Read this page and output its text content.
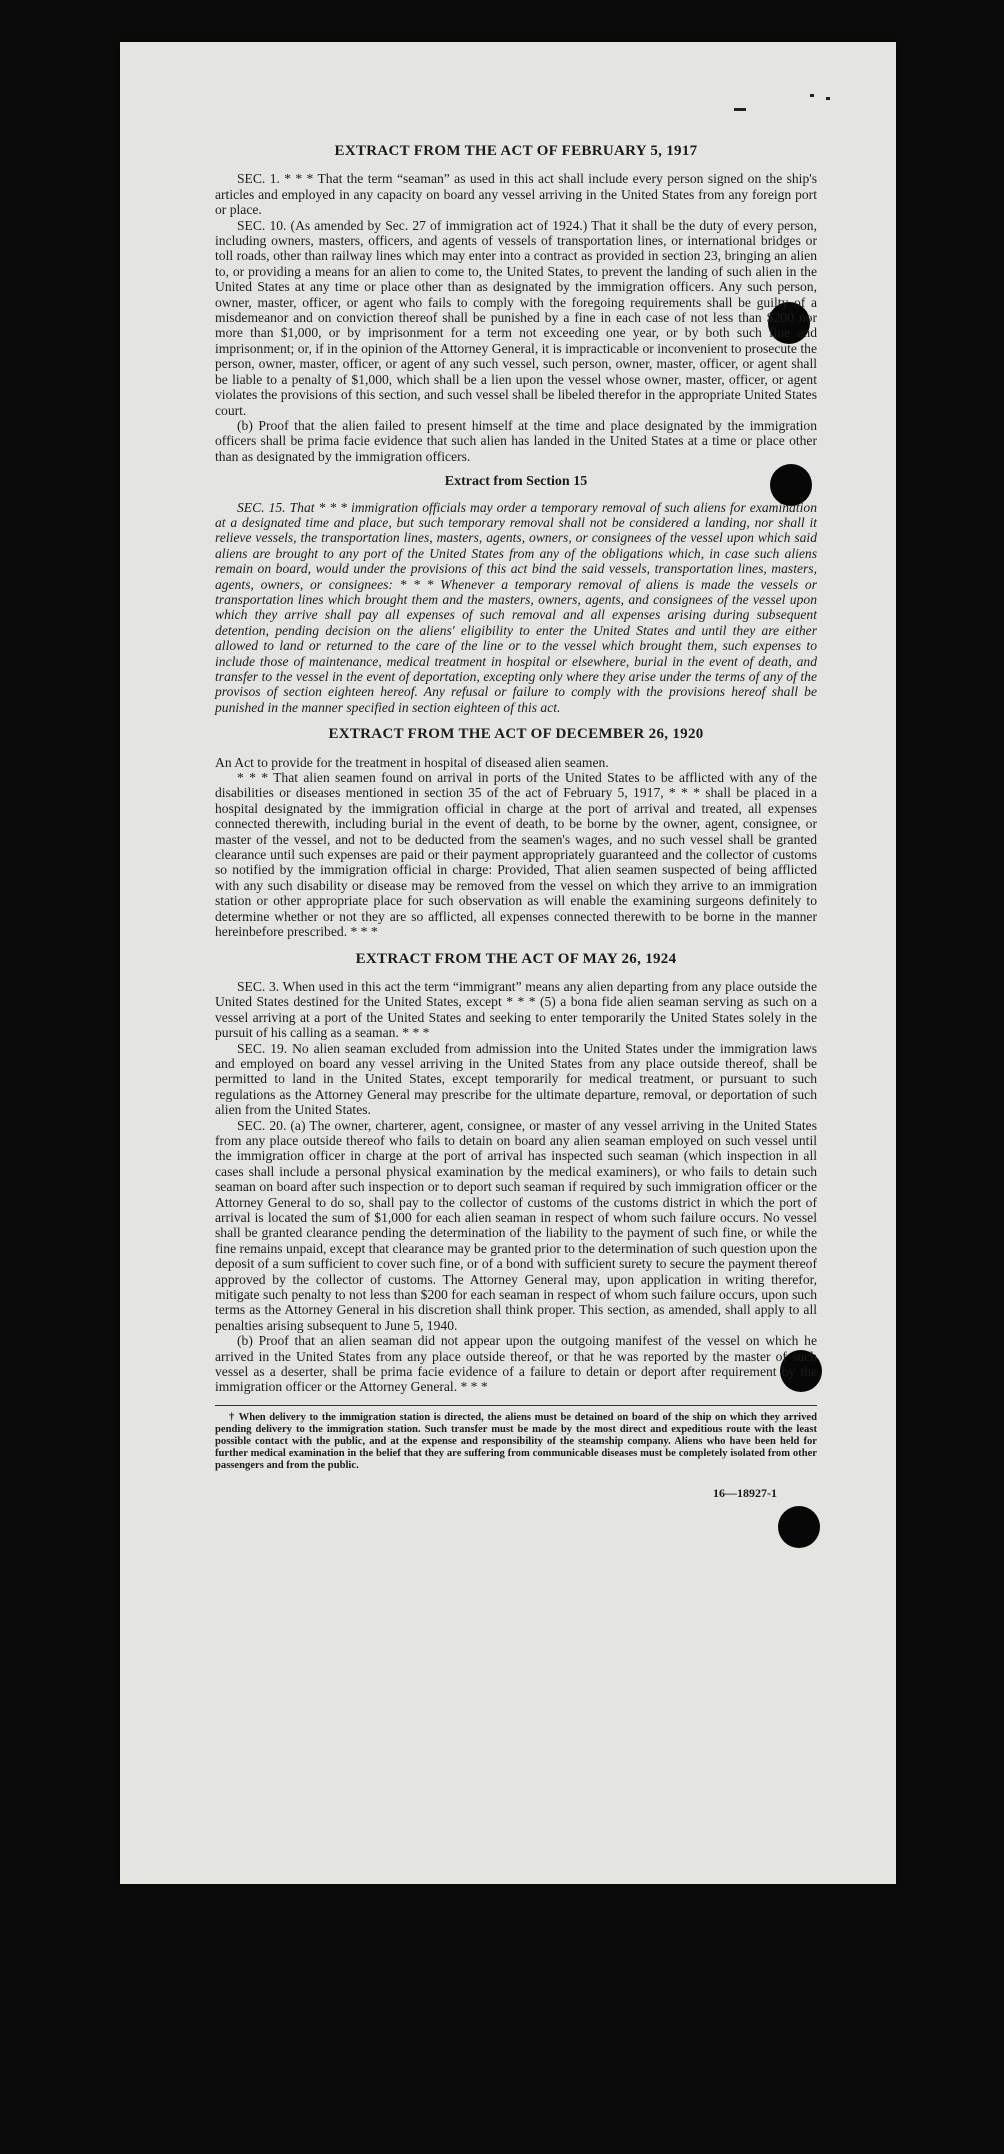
EXTRACT FROM THE ACT OF FEBRUARY 5, 1917

SEC. 1. * * * That the term “seaman” as used in this act shall include every person signed on the ship's articles and employed in any capacity on board any vessel arriving in the United States from any foreign port or place.

SEC. 10. (As amended by Sec. 27 of immigration act of 1924.) That it shall be the duty of every person, including owners, masters, officers, and agents of vessels of transportation lines, or international bridges or toll roads, other than railway lines which may enter into a contract as provided in section 23, bringing an alien to, or providing a means for an alien to come to, the United States, to prevent the landing of such alien in the United States at any time or place other than as designated by the immigration officers. Any such person, owner, master, officer, or agent who fails to comply with the foregoing requirements shall be guilty of a misdemeanor and on conviction thereof shall be punished by a fine in each case of not less than $200 nor more than $1,000, or by imprisonment for a term not exceeding one year, or by both such fine and imprisonment; or, if in the opinion of the Attorney General, it is impracticable or inconvenient to prosecute the person, owner, master, officer, or agent of any such vessel, such person, owner, master, officer, or agent shall be liable to a penalty of $1,000, which shall be a lien upon the vessel whose owner, master, officer, or agent violates the provisions of this section, and such vessel shall be libeled therefor in the appropriate United States court.

(b) Proof that the alien failed to present himself at the time and place designated by the immigration officers shall be prima facie evidence that such alien has landed in the United States at a time or place other than as designated by the immigration officers.

Extract from Section 15

SEC. 15. That * * * immigration officials may order a temporary removal of such aliens for examination at a designated time and place, but such temporary removal shall not be considered a landing, nor shall it relieve vessels, the transportation lines, masters, agents, owners, or consignees of the vessel upon which said aliens are brought to any port of the United States from any of the obligations which, in case such aliens remain on board, would under the provisions of this act bind the said vessels, transportation lines, masters, agents, owners, or consignees: * * * Whenever a temporary removal of aliens is made the vessels or transportation lines which brought them and the masters, owners, agents, and consignees of the vessel upon which they arrive shall pay all expenses of such removal and all expenses arising during subsequent detention, pending decision on the aliens' eligibility to enter the United States and until they are either allowed to land or returned to the care of the line or to the vessel which brought them, such expenses to include those of maintenance, medical treatment in hospital or elsewhere, burial in the event of death, and transfer to the vessel in the event of deportation, excepting only where they arise under the terms of any of the provisos of section eighteen hereof. Any refusal or failure to comply with the provisions hereof shall be punished in the manner specified in section eighteen of this act.

EXTRACT FROM THE ACT OF DECEMBER 26, 1920

An Act to provide for the treatment in hospital of diseased alien seamen.

* * * That alien seamen found on arrival in ports of the United States to be afflicted with any of the disabilities or diseases mentioned in section 35 of the act of February 5, 1917, * * * shall be placed in a hospital designated by the immigration official in charge at the port of arrival and treated, all expenses connected therewith, including burial in the event of death, to be borne by the owner, agent, consignee, or master of the vessel, and not to be deducted from the seamen's wages, and no such vessel shall be granted clearance until such expenses are paid or their payment appropriately guaranteed and the collector of customs so notified by the immigration official in charge: Provided, That alien seamen suspected of being afflicted with any such disability or disease may be removed from the vessel on which they arrive to an immigration station or other appropriate place for such observation as will enable the examining surgeons definitely to determine whether or not they are so afflicted, all expenses connected therewith to be borne in the manner hereinbefore prescribed. * * *

EXTRACT FROM THE ACT OF MAY 26, 1924

SEC. 3. When used in this act the term “immigrant” means any alien departing from any place outside the United States destined for the United States, except * * * (5) a bona fide alien seaman serving as such on a vessel arriving at a port of the United States and seeking to enter temporarily the United States solely in the pursuit of his calling as a seaman. * * *

SEC. 19. No alien seaman excluded from admission into the United States under the immigration laws and employed on board any vessel arriving in the United States from any place outside thereof, shall be permitted to land in the United States, except temporarily for medical treatment, or pursuant to such regulations as the Attorney General may prescribe for the ultimate departure, removal, or deportation of such alien from the United States.

SEC. 20. (a) The owner, charterer, agent, consignee, or master of any vessel arriving in the United States from any place outside thereof who fails to detain on board any alien seaman employed on such vessel until the immigration officer in charge at the port of arrival has inspected such seaman (which inspection in all cases shall include a personal physical examination by the medical examiners), or who fails to detain such seaman on board after such inspection or to deport such seaman if required by such immigration officer or the Attorney General to do so, shall pay to the collector of customs of the customs district in which the port of arrival is located the sum of $1,000 for each alien seaman in respect of whom such failure occurs. No vessel shall be granted clearance pending the determination of the liability to the payment of such fine, or while the fine remains unpaid, except that clearance may be granted prior to the determination of such question upon the deposit of a sum sufficient to cover such fine, or of a bond with sufficient surety to secure the payment thereof approved by the collector of customs. The Attorney General may, upon application in writing therefor, mitigate such penalty to not less than $200 for each seaman in respect of whom such failure occurs, upon such terms as the Attorney General in his discretion shall think proper. This section, as amended, shall apply to all penalties arising subsequent to June 5, 1940.

(b) Proof that an alien seaman did not appear upon the outgoing manifest of the vessel on which he arrived in the United States from any place outside thereof, or that he was reported by the master of such vessel as a deserter, shall be prima facie evidence of a failure to detain or deport after requirement by the immigration officer or the Attorney General. * * *

† When delivery to the immigration station is directed, the aliens must be detained on board of the ship on which they arrived pending delivery to the immigration station. Such transfer must be made by the most direct and expeditious route with the least possible contact with the public, and at the expense and responsibility of the steamship company. Aliens who have been held for further medical examination in the belief that they are suffering from communicable diseases must be completely isolated from other passengers and from the public.
16—18927-1
